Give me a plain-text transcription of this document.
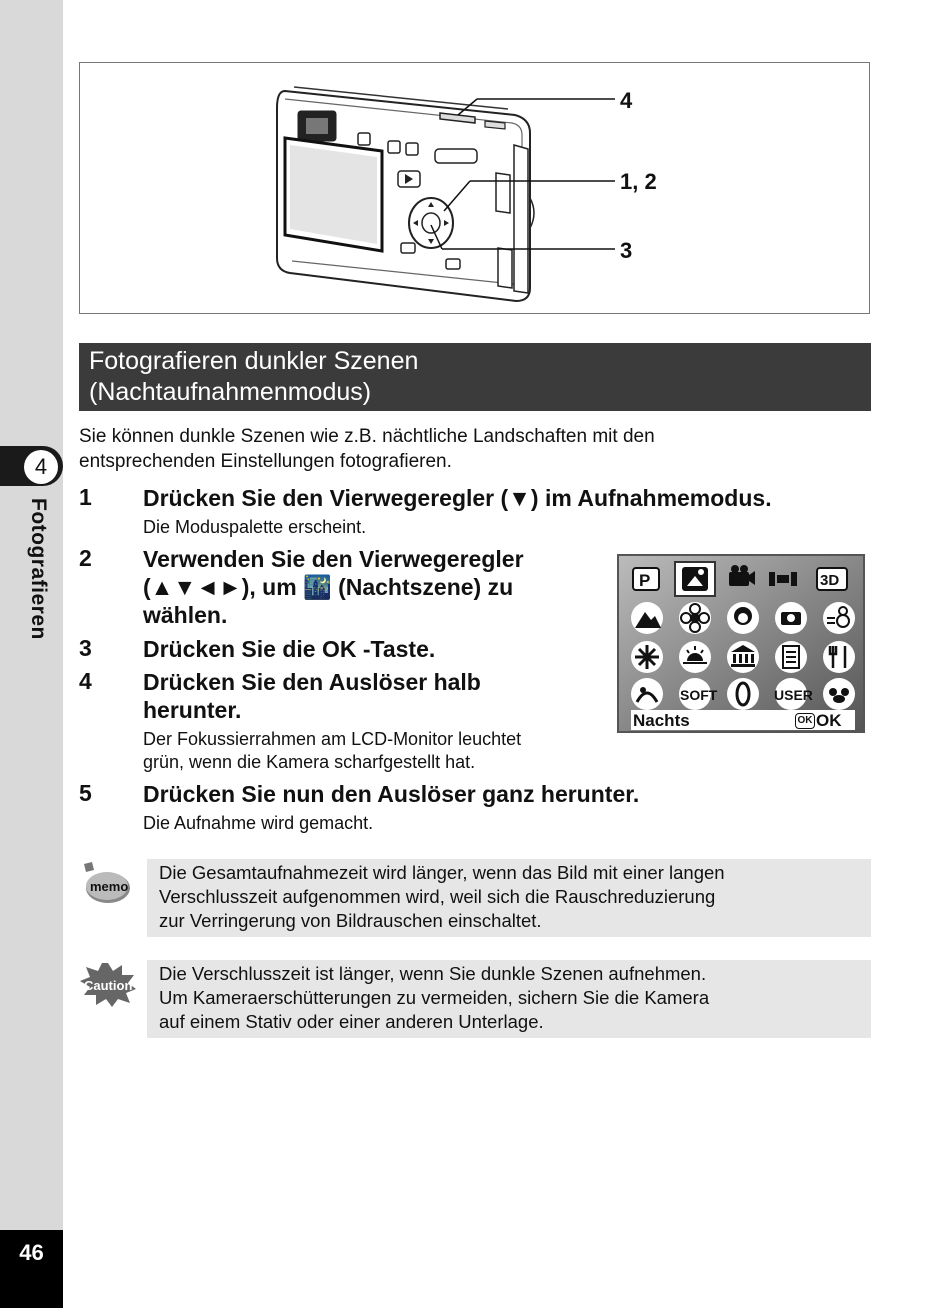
4
Fotografieren
46
4
1, 2
3
Fotografieren dunkler Szenen
(Nachtaufnahmenmodus)
Sie können dunkle Szenen wie z.B. nächtliche Landschaften mit den
entsprechenden Einstellungen fotografieren.
1 Drücken Sie den Vierwegeregler (▼) im Aufnahmemodus.
Die Moduspalette erscheint.
2 Verwenden Sie den Vierwegeregler
(▲▼◄►), um 🌃 (Nachtszene) zu
wählen.
3 Drücken Sie die OK -Taste.
4 Drücken Sie den Auslöser halb
herunter.
Der Fokussierrahmen am LCD-Monitor leuchtet
grün, wenn die Kamera scharfgestellt hat.
5 Drücken Sie nun den Auslöser ganz herunter.
Die Aufnahme wird gemacht.
P	3D
SOFT	USER
Nachts	OK OK
memo
Die Gesamtaufnahmezeit wird länger, wenn das Bild mit einer langen
Verschlusszeit aufgenommen wird, weil sich die Rauschreduzierung
zur Verringerung von Bildrauschen einschaltet.
Caution
Die Verschlusszeit ist länger, wenn Sie dunkle Szenen aufnehmen.
Um Kameraerschütterungen zu vermeiden, sichern Sie die Kamera
auf einem Stativ oder einer anderen Unterlage.
